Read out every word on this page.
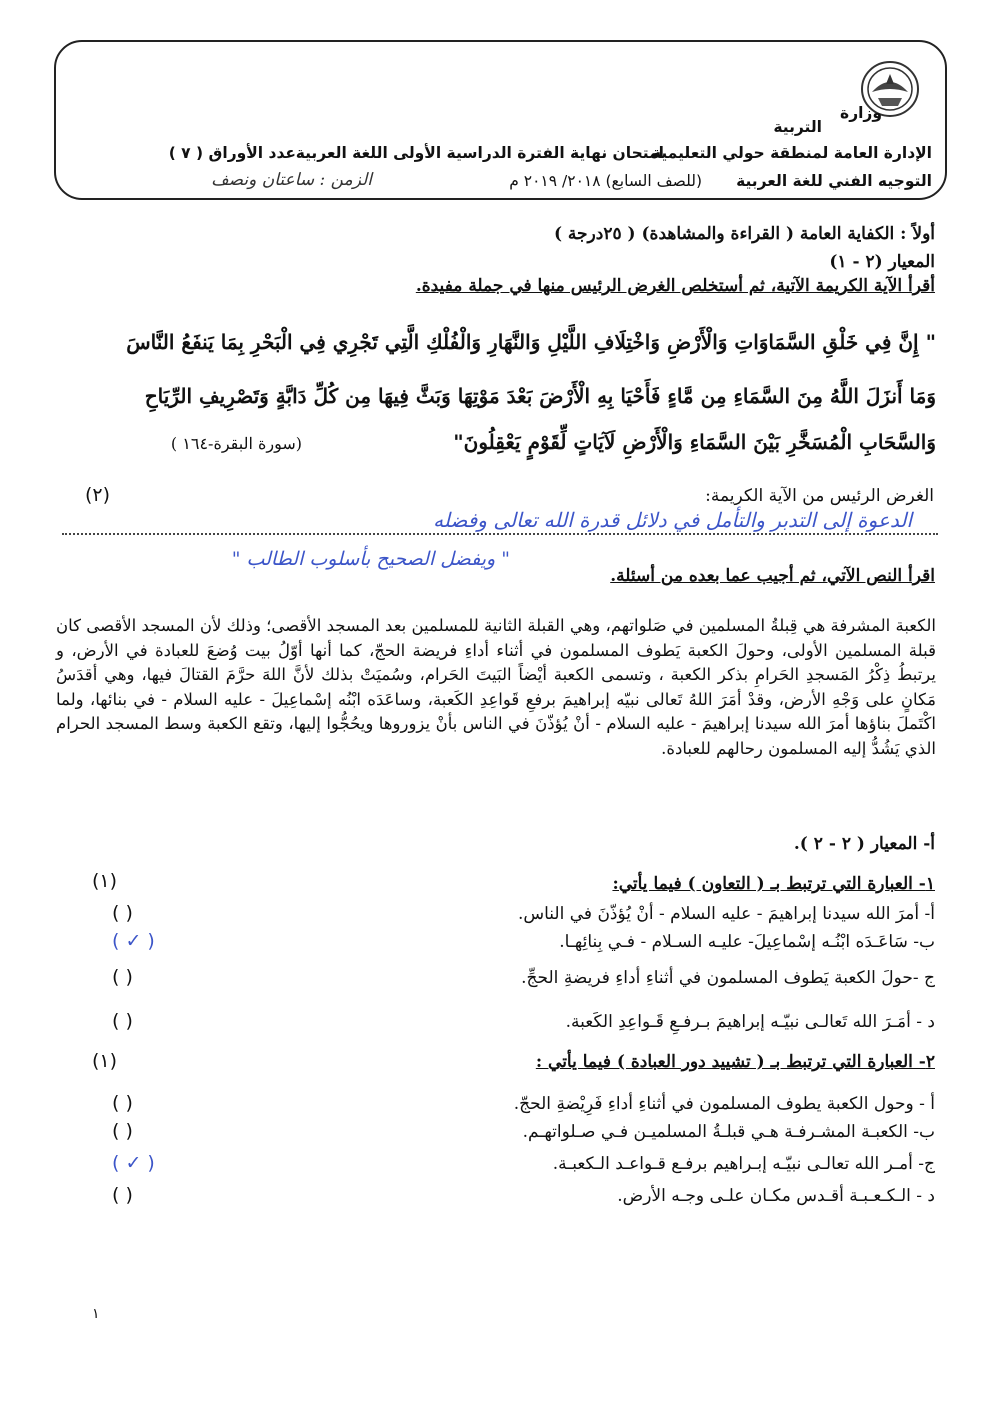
وزارة
التربية
الإدارة العامة لمنطقة حولي التعليمية
امتحان نهاية الفترة الدراسية الأولى اللغة العربية
عدد الأوراق ( ٧ )
التوجيه الفني للغة العربية
(للصف السابع) ٢٠١٨/ ٢٠١٩ م
الزمن : ساعتان ونصف
أولاً : الكفاية العامة ( القراءة والمشاهدة) ( ٢٥درجة )
المعيار (٢ - ١)
أقرأ الآية الكريمة الآتية، ثم أستخلص الغرض الرئيس منها في جملة مفيدة.
" إِنَّ فِي خَلْقِ السَّمَاوَاتِ وَالْأَرْضِ وَاخْتِلَافِ اللَّيْلِ وَالنَّهَارِ وَالْفُلْكِ الَّتِي تَجْرِي فِي الْبَحْرِ بِمَا يَنفَعُ النَّاسَ
وَمَا أَنزَلَ اللَّهُ مِنَ السَّمَاءِ مِن مَّاءٍ فَأَحْيَا بِهِ الْأَرْضَ بَعْدَ مَوْتِهَا وَبَثَّ فِيهَا مِن كُلِّ دَابَّةٍ وَتَصْرِيفِ الرِّيَاحِ
وَالسَّحَابِ الْمُسَخَّرِ بَيْنَ السَّمَاءِ وَالْأَرْضِ لَآيَاتٍ لِّقَوْمٍ يَعْقِلُونَ"
(سورة البقرة-١٦٤ )
الغرض الرئيس من الآية الكريمة:
(٢)
الدعوة إلى التدبر والتأمل في دلائل قدرة الله تعالى وفضله
" ويفضل الصحيح بأسلوب الطالب "
اقرأ النص الآتي، ثم أجيب عما بعده من أسئلة.
الكعبة المشرفة هي قِبلةُ المسلمين في صَلواتهم، وهي القبلة الثانية للمسلمين بعد المسجد الأقصى؛ وذلك لأن المسجد الأقصى كان قبلة المسلمين الأولى، وحولَ الكعبة يَطوف المسلمون في أثناء أداءِ فريضة الحجّ، كما أنها أوّلُ بيت وُضعَ للعبادة في الأرض، و يرتبطُ ذِكْرُ المَسجدِ الحَرامِ بذكر الكعبة ، وتسمى الكعبة أيْضاً البَيتَ الحَرام، وسُميَتْ بذلك لأنَّ اللهَ حرَّمَ القتالَ فيها، وهي أقدَسُ مَكانٍ على وَجْهِ الأرض، وقدْ أمَرَ اللهُ تَعالى نبيّه إبراهيمَ برفعِ قَواعِدِ الكَعبة، وساعَدَه ابْنُه إسْماعِيلَ - عليه السلام - في بنائها، ولما اكْتَملَ بناؤها أمرَ الله سيدنا إبراهيمَ - عليه السلام - أنْ يُؤذّنَ في الناس بأنْ يزوروها ويحُجُّوا إليها، وتقع الكعبة وسط المسجد الحرام الذي يَشُدُّ إليه المسلمون رحالهم للعبادة.
أ- المعيار ( ٢ - ٢ ).
١- العبارة التي ترتبط بـ ( التعاون ) فيما يأتي:
(١)
أ- أمرَ الله سيدنا إبراهيمَ - عليه السلام - أنْ يُؤذّنَ في الناس.
( )
ب- سَاعَـدَه ابْنُـه إسْماعِيلَ- عليـه السـلام - فـي بِنائِهـا.
( ✓ )
ج -حولَ الكعبة يَطوف المسلمون في أثناءِ أداءِ فريضةِ الحجِّ.
( )
د - أمَـرَ الله تَعالـى نبيّـه إبراهيمَ بـرفـعِ قَـواعِدِ الكَعبة.
( )
٢- العبارة التي ترتبط بـ ( تشييد دور العبادة ) فيما يأتي :
(١)
أ - وحول الكعبة يطوف المسلمون في أثناءِ أداءِ فَرِيْضةِ الحجّ.
( )
ب- الكعبـة المشـرفـة هـي قبلـةُ المسلميـن فـي صـلواتهـم.
( )
ج- أمـر الله تعالـى نبيّـه إبـراهيم برفـع قـواعـد الـكعبـة.
( ✓ )
د - الـكـعـبـة أقـدس مكـان علـى وجـه الأرض.
( )
١
